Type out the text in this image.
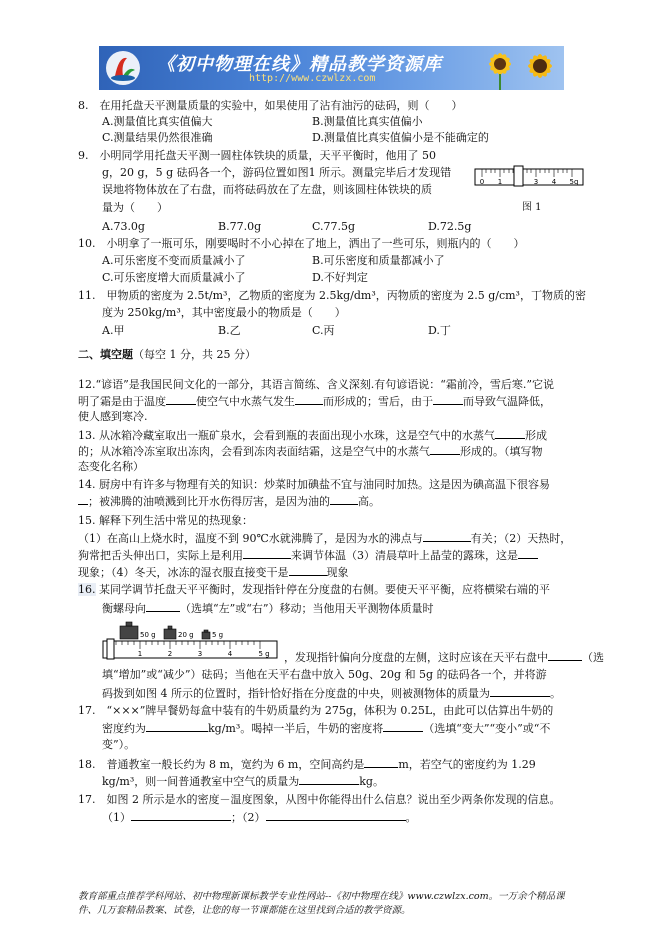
《初中物理在线》精品教学资源库
http://www.czwlzx.com
8.　在用托盘天平测量质量的实验中，如果使用了沾有油污的砝码，则（　　）
A.测量值比真实值偏大	B.测量值比真实值偏小
C.测量结果仍然很准确	D.测量值比真实值偏小是不能确定的
9.　小明同学用托盘天平测一圆柱体铁块的质量，天平平衡时，他用了 50
g，20 g，5 g 砝码各一个，游码位置如图1 所示。测量完毕后才发现错
误地将物体放在了右盘，而将砝码放在了左盘，则该圆柱体铁块的质
量为（　　）
0 1	3 4 5g
图 1
A.73.0g	B.77.0g	C.77.5g	D.72.5g
10.　小明拿了一瓶可乐，刚要喝时不小心掉在了地上，洒出了一些可乐，则瓶内的（　　）
A.可乐密度不变而质量减小了	B.可乐密度和质量都减小了
C.可乐密度增大而质量减小了	D.不好判定
11.　甲物质的密度为 2.5t/m³，乙物质的密度为 2.5kg/dm³，丙物质的密度为 2.5 g/cm³，丁物质的密
度为 250kg/m³，其中密度最小的物质是（　　）
A.甲	B.乙	C.丙	D.丁
二、填空题（每空 1 分，共 25 分）
12.“谚语”是我国民间文化的一部分，其语言简练、含义深刻.有句谚语说：“霜前冷，雪后寒.”它说
明了霜是由于温度	使空气中水蒸气发生	而形成的；雪后，由于	而导致气温降低，
使人感到寒冷.
13. 从冰箱冷藏室取出一瓶矿泉水，会看到瓶的表面出现小水珠，这是空气中的水蒸气	形成
的；从冰箱冷冻室取出冻肉，会看到冻肉表面结霜，这是空气中的水蒸气	形成的。（填写物
态变化名称）
14. 厨房中有许多与物理有关的知识：炒菜时加碘盐不宜与油同时加热。这是因为碘高温下很容易
；被沸腾的油喷溅到比开水伤得厉害，是因为油的	高。
15. 解释下列生活中常见的热现象：
（1）在高山上烧水时，温度不到 90℃水就沸腾了，是因为水的沸点与	有关；（2）天热时，
狗常把舌头伸出口，实际上是利用	来调节体温（3）清晨草叶上晶莹的露珠，这是
现象；（4）冬天，冰冻的湿衣服直接变干是	现象
16. 某同学调节托盘天平平衡时，发现指针停在分度盘的右侧。要使天平平衡，应将横梁右端的平
衡螺母向	（选填“左”或“右”）移动；当他用天平测物体质量时
50 g	20 g	5 g
1	2	3	4	5 g ，发现指针偏向分度盘的左侧，这时应该在天平右盘中	（选
填“增加”或“减少”）砝码；当他在天平右盘中放入 50g、20g 和 5g 的砝码各一个，并将游
码拨到如图 4 所示的位置时，指针恰好指在分度盘的中央，则被测物体的质量为	。
17.　“×××”牌早餐奶每盒中装有的牛奶质量约为 275g，体积为 0.25L，由此可以估算出牛奶的
密度约为	kg/m³。喝掉一半后，牛奶的密度将	（选填“变大”“变小”或“不
变”）。
18.　普通教室一般长约为 8 m，宽约为 6 m，空间高约是	m，若空气的密度约为 1.29
kg/m³，则一间普通教室中空气的质量为	kg。
17.　如图 2 所示是水的密度－温度图象，从图中你能得出什么信息？说出至少两条你发现的信息。
（1）	；（2）	。
教育部重点推荐学科网站、初中物理新课标教学专业性网站--《初中物理在线》www.czwlzx.com。一万余个精品课
件、几万套精品教案、试卷，让您的每一节课都能在这里找到合适的教学资源。
